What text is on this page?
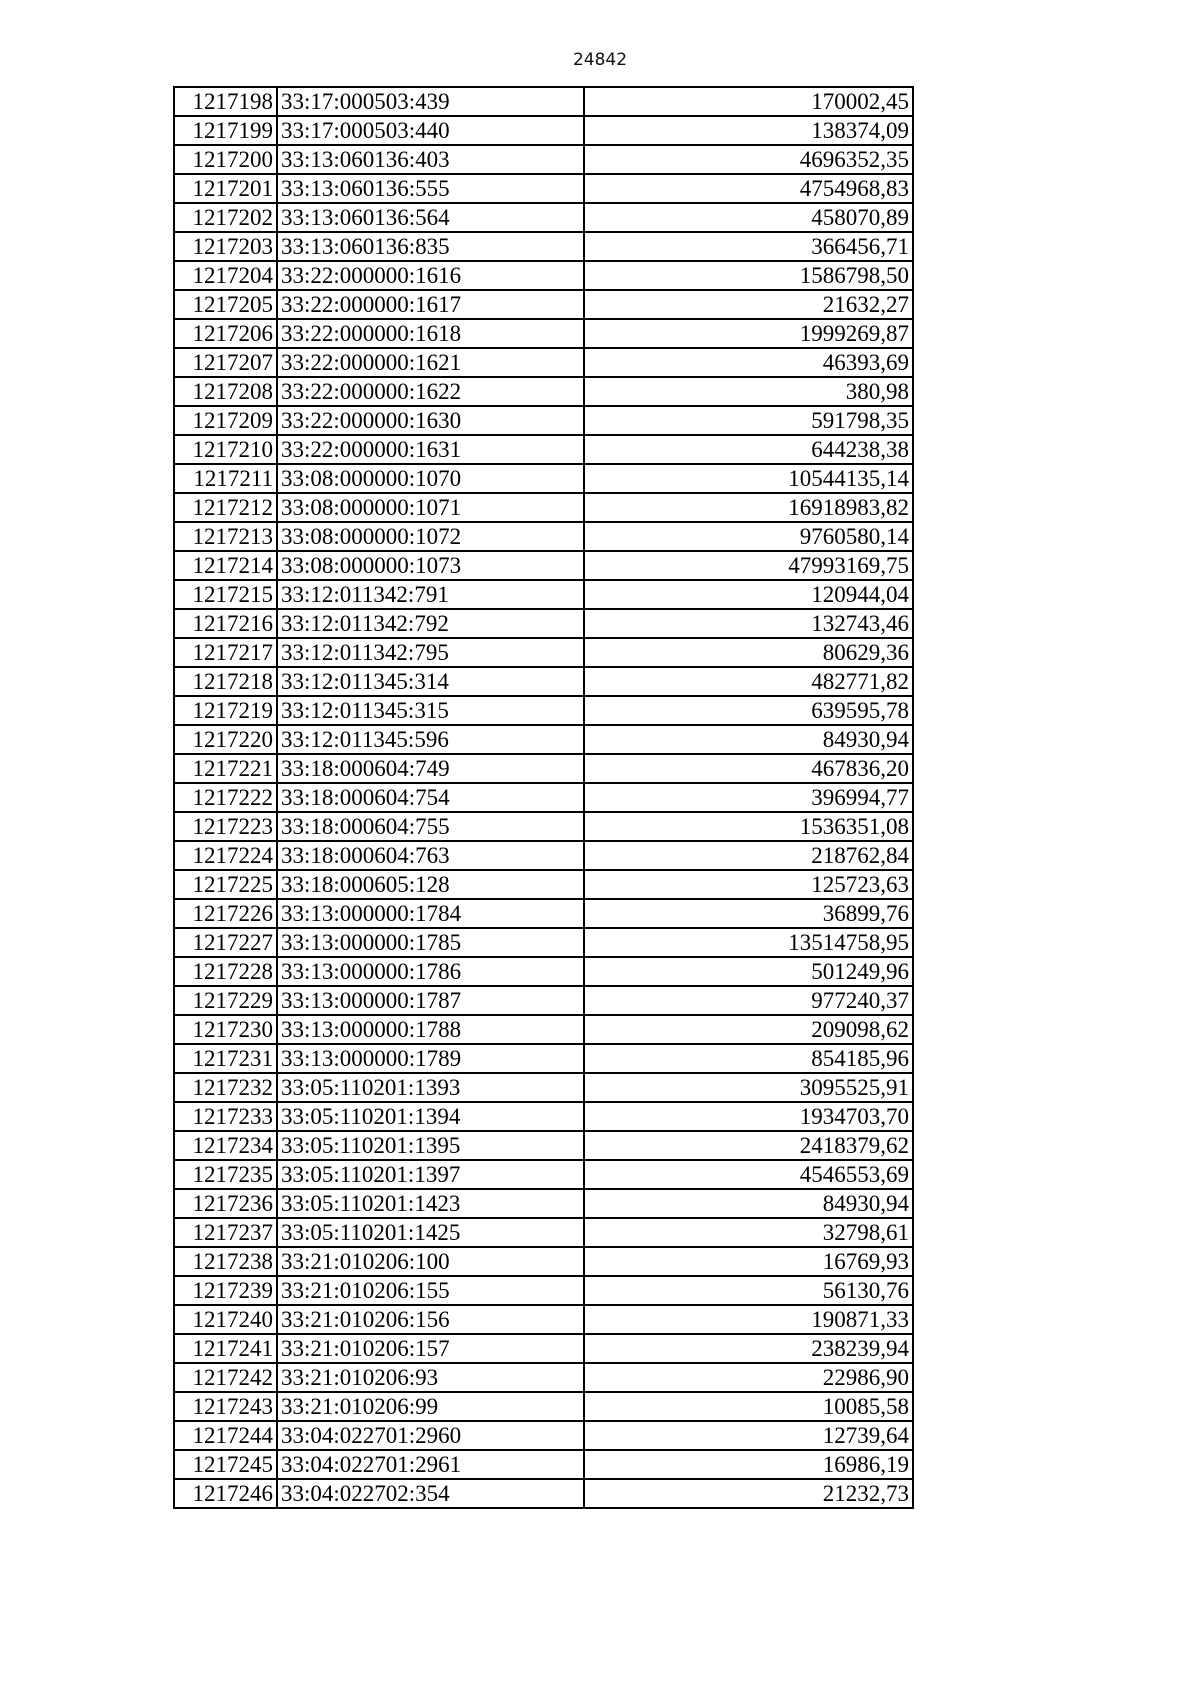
24842
1217198	33:17:000503:439	170002,45
1217199	33:17:000503:440	138374,09
1217200	33:13:060136:403	4696352,35
1217201	33:13:060136:555	4754968,83
1217202	33:13:060136:564	458070,89
1217203	33:13:060136:835	366456,71
1217204	33:22:000000:1616	1586798,50
1217205	33:22:000000:1617	21632,27
1217206	33:22:000000:1618	1999269,87
1217207	33:22:000000:1621	46393,69
1217208	33:22:000000:1622	380,98
1217209	33:22:000000:1630	591798,35
1217210	33:22:000000:1631	644238,38
1217211	33:08:000000:1070	10544135,14
1217212	33:08:000000:1071	16918983,82
1217213	33:08:000000:1072	9760580,14
1217214	33:08:000000:1073	47993169,75
1217215	33:12:011342:791	120944,04
1217216	33:12:011342:792	132743,46
1217217	33:12:011342:795	80629,36
1217218	33:12:011345:314	482771,82
1217219	33:12:011345:315	639595,78
1217220	33:12:011345:596	84930,94
1217221	33:18:000604:749	467836,20
1217222	33:18:000604:754	396994,77
1217223	33:18:000604:755	1536351,08
1217224	33:18:000604:763	218762,84
1217225	33:18:000605:128	125723,63
1217226	33:13:000000:1784	36899,76
1217227	33:13:000000:1785	13514758,95
1217228	33:13:000000:1786	501249,96
1217229	33:13:000000:1787	977240,37
1217230	33:13:000000:1788	209098,62
1217231	33:13:000000:1789	854185,96
1217232	33:05:110201:1393	3095525,91
1217233	33:05:110201:1394	1934703,70
1217234	33:05:110201:1395	2418379,62
1217235	33:05:110201:1397	4546553,69
1217236	33:05:110201:1423	84930,94
1217237	33:05:110201:1425	32798,61
1217238	33:21:010206:100	16769,93
1217239	33:21:010206:155	56130,76
1217240	33:21:010206:156	190871,33
1217241	33:21:010206:157	238239,94
1217242	33:21:010206:93	22986,90
1217243	33:21:010206:99	10085,58
1217244	33:04:022701:2960	12739,64
1217245	33:04:022701:2961	16986,19
1217246	33:04:022702:354	21232,73
